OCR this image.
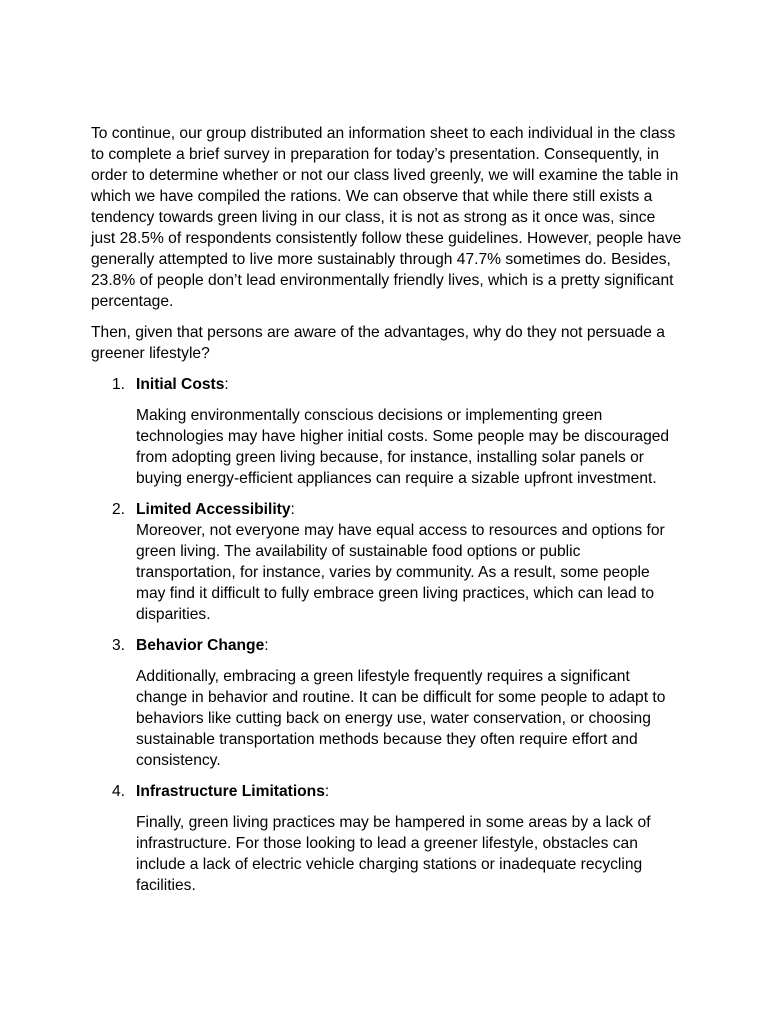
To continue, our group distributed an information sheet to each individual in the class to complete a brief survey in preparation for today’s presentation. Consequently, in order to determine whether or not our class lived greenly, we will examine the table in which we have compiled the rations. We can observe that while there still exists a tendency towards green living in our class, it is not as strong as it once was, since just 28.5% of respondents consistently follow these guidelines. However, people have generally attempted to live more sustainably through 47.7% sometimes do. Besides, 23.8% of people don’t lead environmentally friendly lives, which is a pretty significant percentage.

Then, given that persons are aware of the advantages, why do they not persuade a greener lifestyle?

1. Initial Costs:

Making environmentally conscious decisions or implementing green technologies may have higher initial costs. Some people may be discouraged from adopting green living because, for instance, installing solar panels or buying energy-efficient appliances can require a sizable upfront investment.

2. Limited Accessibility:

Moreover, not everyone may have equal access to resources and options for green living. The availability of sustainable food options or public transportation, for instance, varies by community. As a result, some people may find it difficult to fully embrace green living practices, which can lead to disparities.

3. Behavior Change:

Additionally, embracing a green lifestyle frequently requires a significant change in behavior and routine. It can be difficult for some people to adapt to behaviors like cutting back on energy use, water conservation, or choosing sustainable transportation methods because they often require effort and consistency.

4. Infrastructure Limitations:

Finally, green living practices may be hampered in some areas by a lack of infrastructure. For those looking to lead a greener lifestyle, obstacles can include a lack of electric vehicle charging stations or inadequate recycling facilities.
